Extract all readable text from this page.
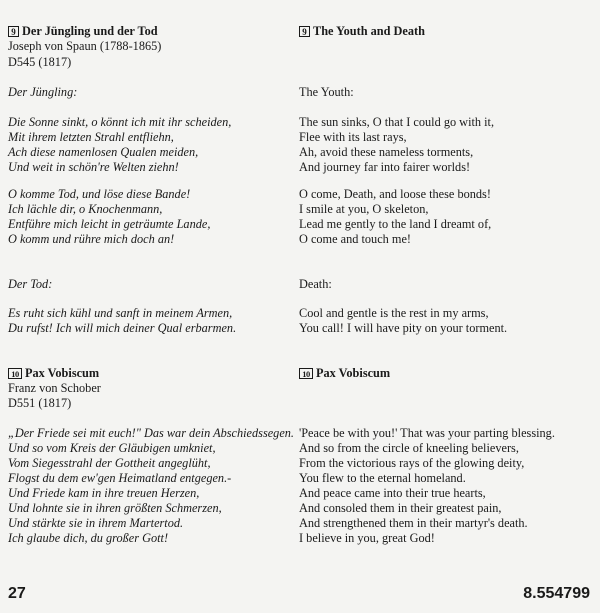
9 Der Jüngling und der Tod
Joseph von Spaun (1788-1865)
D545 (1817)
Der Jüngling:
Die Sonne sinkt, o könnt ich mit ihr scheiden,
Mit ihrem letzten Strahl entfliehn,
Ach diese namenlosen Qualen meiden,
Und weit in schön're Welten ziehn!
O komme Tod, und löse diese Bande!
Ich lächle dir, o Knochenmann,
Entführe mich leicht in geträumte Lande,
O komm und rühre mich doch an!
Der Tod:
Es ruht sich kühl und sanft in meinem Armen,
Du rufst! Ich will mich deiner Qual erbarmen.
10 Pax Vobiscum
Franz von Schober
D551 (1817)
„Der Friede sei mit euch!" Das war dein Abschiedssegen.
Und so vom Kreis der Gläubigen umkniet,
Vom Siegesstrahl der Gottheit angeglüht,
Flogst du dem ew'gen Heimatland entgegen.-
Und Friede kam in ihre treuen Herzen,
Und lohnte sie in ihren größten Schmerzen,
Und stärkte sie in ihrem Martertod.
Ich glaube dich, du großer Gott!
9 The Youth and Death
The Youth:
The sun sinks, O that I could go with it,
Flee with its last rays,
Ah, avoid these nameless torments,
And journey far into fairer worlds!
O come, Death, and loose these bonds!
I smile at you, O skeleton,
Lead me gently to the land I dreamt of,
O come and touch me!
Death:
Cool and gentle is the rest in my arms,
You call! I will have pity on your torment.
10 Pax Vobiscum
'Peace be with you!' That was your parting blessing.
And so from the circle of kneeling believers,
From the victorious rays of the glowing deity,
You flew to the eternal homeland.
And peace came into their true hearts,
And consoled them in their greatest pain,
And strengthened them in their martyr's death.
I believe in you, great God!
27	8.554799
